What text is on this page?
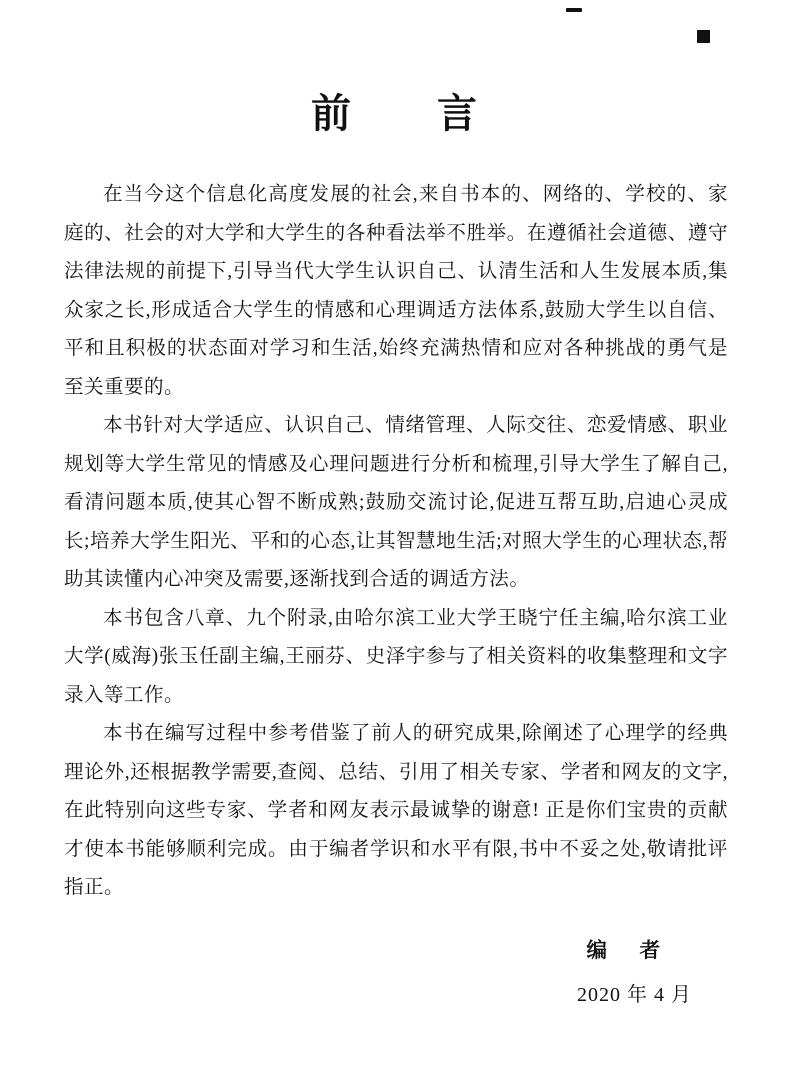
前　　言

在当今这个信息化高度发展的社会,来自书本的、网络的、学校的、家庭的、社会的对大学和大学生的各种看法举不胜举。在遵循社会道德、遵守法律法规的前提下,引导当代大学生认识自己、认清生活和人生发展本质,集众家之长,形成适合大学生的情感和心理调适方法体系,鼓励大学生以自信、平和且积极的状态面对学习和生活,始终充满热情和应对各种挑战的勇气是至关重要的。

本书针对大学适应、认识自己、情绪管理、人际交往、恋爱情感、职业规划等大学生常见的情感及心理问题进行分析和梳理,引导大学生了解自己,看清问题本质,使其心智不断成熟;鼓励交流讨论,促进互帮互助,启迪心灵成长;培养大学生阳光、平和的心态,让其智慧地生活;对照大学生的心理状态,帮助其读懂内心冲突及需要,逐渐找到合适的调适方法。

本书包含八章、九个附录,由哈尔滨工业大学王晓宁任主编,哈尔滨工业大学(威海)张玉任副主编,王丽芬、史泽宇参与了相关资料的收集整理和文字录入等工作。

本书在编写过程中参考借鉴了前人的研究成果,除阐述了心理学的经典理论外,还根据教学需要,查阅、总结、引用了相关专家、学者和网友的文字,在此特别向这些专家、学者和网友表示最诚挚的谢意! 正是你们宝贵的贡献才使本书能够顺利完成。由于编者学识和水平有限,书中不妥之处,敬请批评指正。

编　者
2020 年 4 月
